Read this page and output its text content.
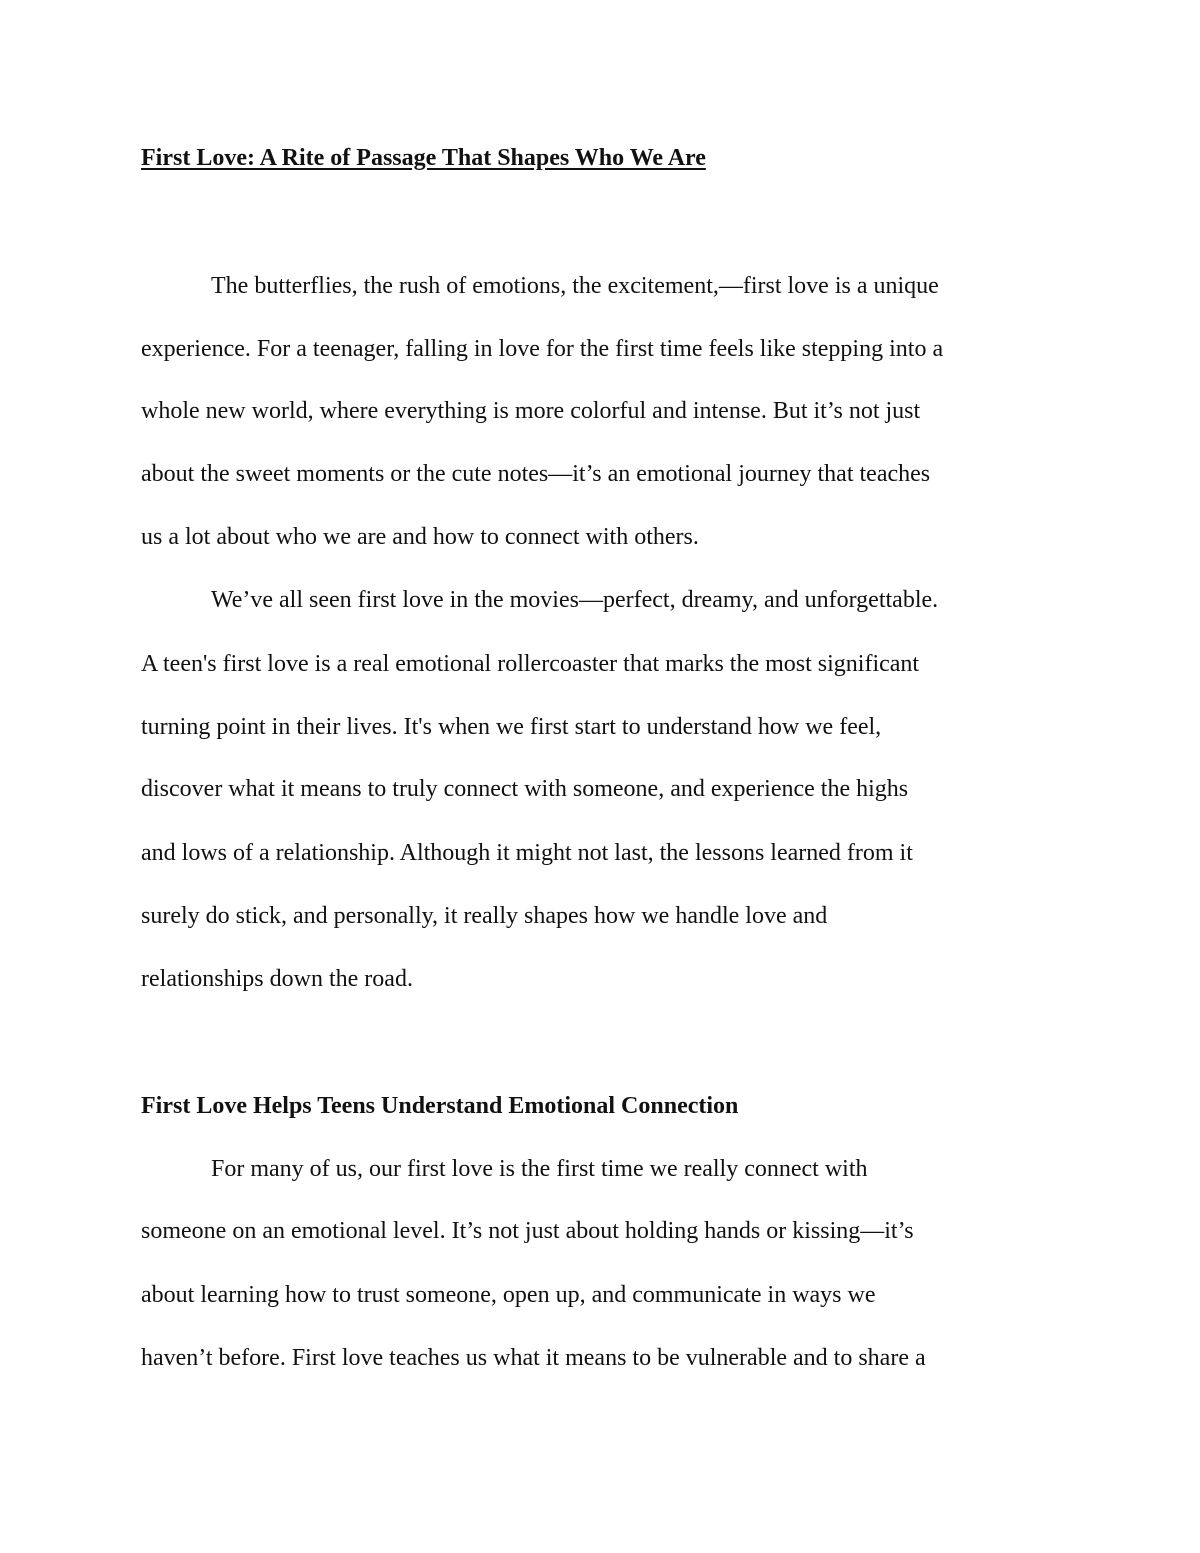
First Love: A Rite of Passage That Shapes Who We Are
The butterflies, the rush of emotions, the excitement,—first love is a unique
experience. For a teenager, falling in love for the first time feels like stepping into a
whole new world, where everything is more colorful and intense. But it’s not just
about the sweet moments or the cute notes—it’s an emotional journey that teaches
us a lot about who we are and how to connect with others.
We’ve all seen first love in the movies—perfect, dreamy, and unforgettable.
A teen's first love is a real emotional rollercoaster that marks the most significant
turning point in their lives. It's when we first start to understand how we feel,
discover what it means to truly connect with someone, and experience the highs
and lows of a relationship. Although it might not last, the lessons learned from it
surely do stick, and personally, it really shapes how we handle love and
relationships down the road.
First Love Helps Teens Understand Emotional Connection
For many of us, our first love is the first time we really connect with
someone on an emotional level. It’s not just about holding hands or kissing—it’s
about learning how to trust someone, open up, and communicate in ways we
haven’t before. First love teaches us what it means to be vulnerable and to share a
